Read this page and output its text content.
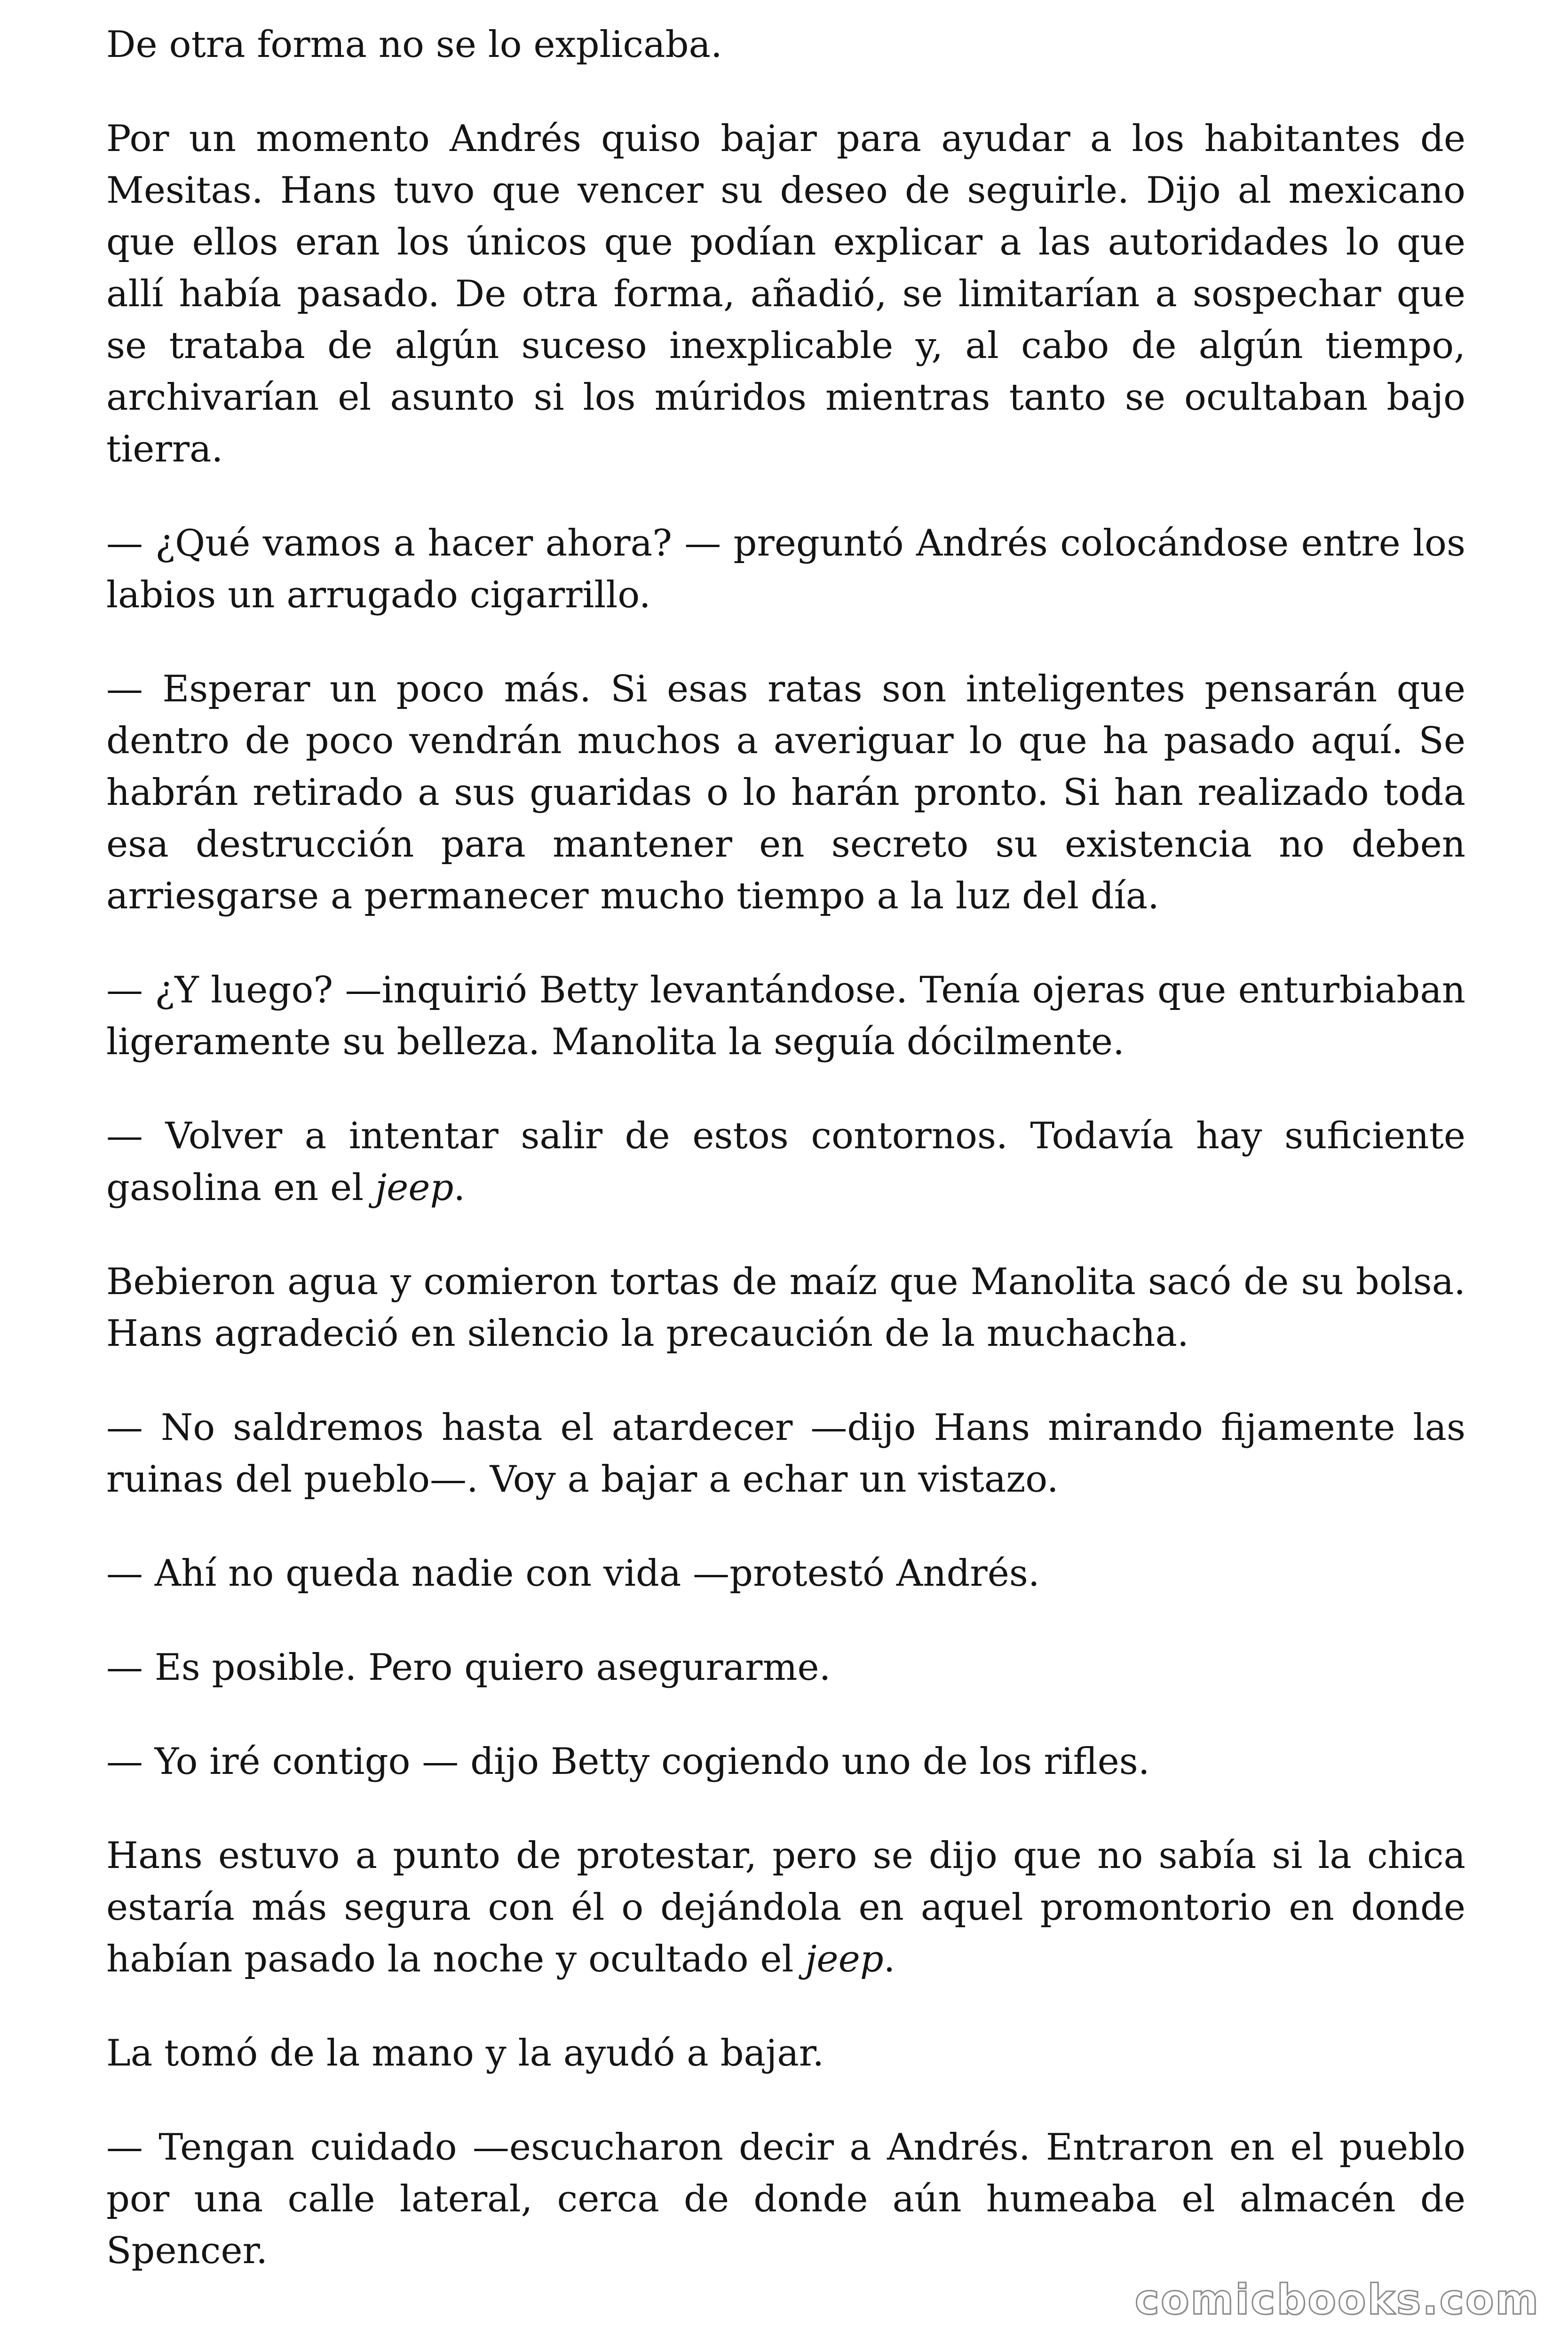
De otra forma no se lo explicaba.

Por un momento Andrés quiso bajar para ayudar a los habitantes de Mesitas. Hans tuvo que vencer su deseo de seguirle. Dijo al mexicano que ellos eran los únicos que podían explicar a las autoridades lo que allí había pasado. De otra forma, añadió, se limitarían a sospechar que se trataba de algún suceso inexplicable y, al cabo de algún tiempo, archivarían el asunto si los múridos mientras tanto se ocultaban bajo tierra.

— ¿Qué vamos a hacer ahora? — preguntó Andrés colocándose entre los labios un arrugado cigarrillo.

— Esperar un poco más. Si esas ratas son inteligentes pensarán que dentro de poco vendrán muchos a averiguar lo que ha pasado aquí. Se habrán retirado a sus guaridas o lo harán pronto. Si han realizado toda esa destrucción para mantener en secreto su existencia no deben arriesgarse a permanecer mucho tiempo a la luz del día.

— ¿Y luego? —inquirió Betty levantándose. Tenía ojeras que enturbiaban ligeramente su belleza. Manolita la seguía dócilmente.

— Volver a intentar salir de estos contornos. Todavía hay suficiente gasolina en el jeep.

Bebieron agua y comieron tortas de maíz que Manolita sacó de su bolsa. Hans agradeció en silencio la precaución de la muchacha.

— No saldremos hasta el atardecer —dijo Hans mirando fijamente las ruinas del pueblo—. Voy a bajar a echar un vistazo.

— Ahí no queda nadie con vida —protestó Andrés.

— Es posible. Pero quiero asegurarme.

— Yo iré contigo — dijo Betty cogiendo uno de los rifles.

Hans estuvo a punto de protestar, pero se dijo que no sabía si la chica estaría más segura con él o dejándola en aquel promontorio en donde habían pasado la noche y ocultado el jeep.

La tomó de la mano y la ayudó a bajar.

— Tengan cuidado —escucharon decir a Andrés. Entraron en el pueblo por una calle lateral, cerca de donde aún humeaba el almacén de Spencer.

comicbooks.com
